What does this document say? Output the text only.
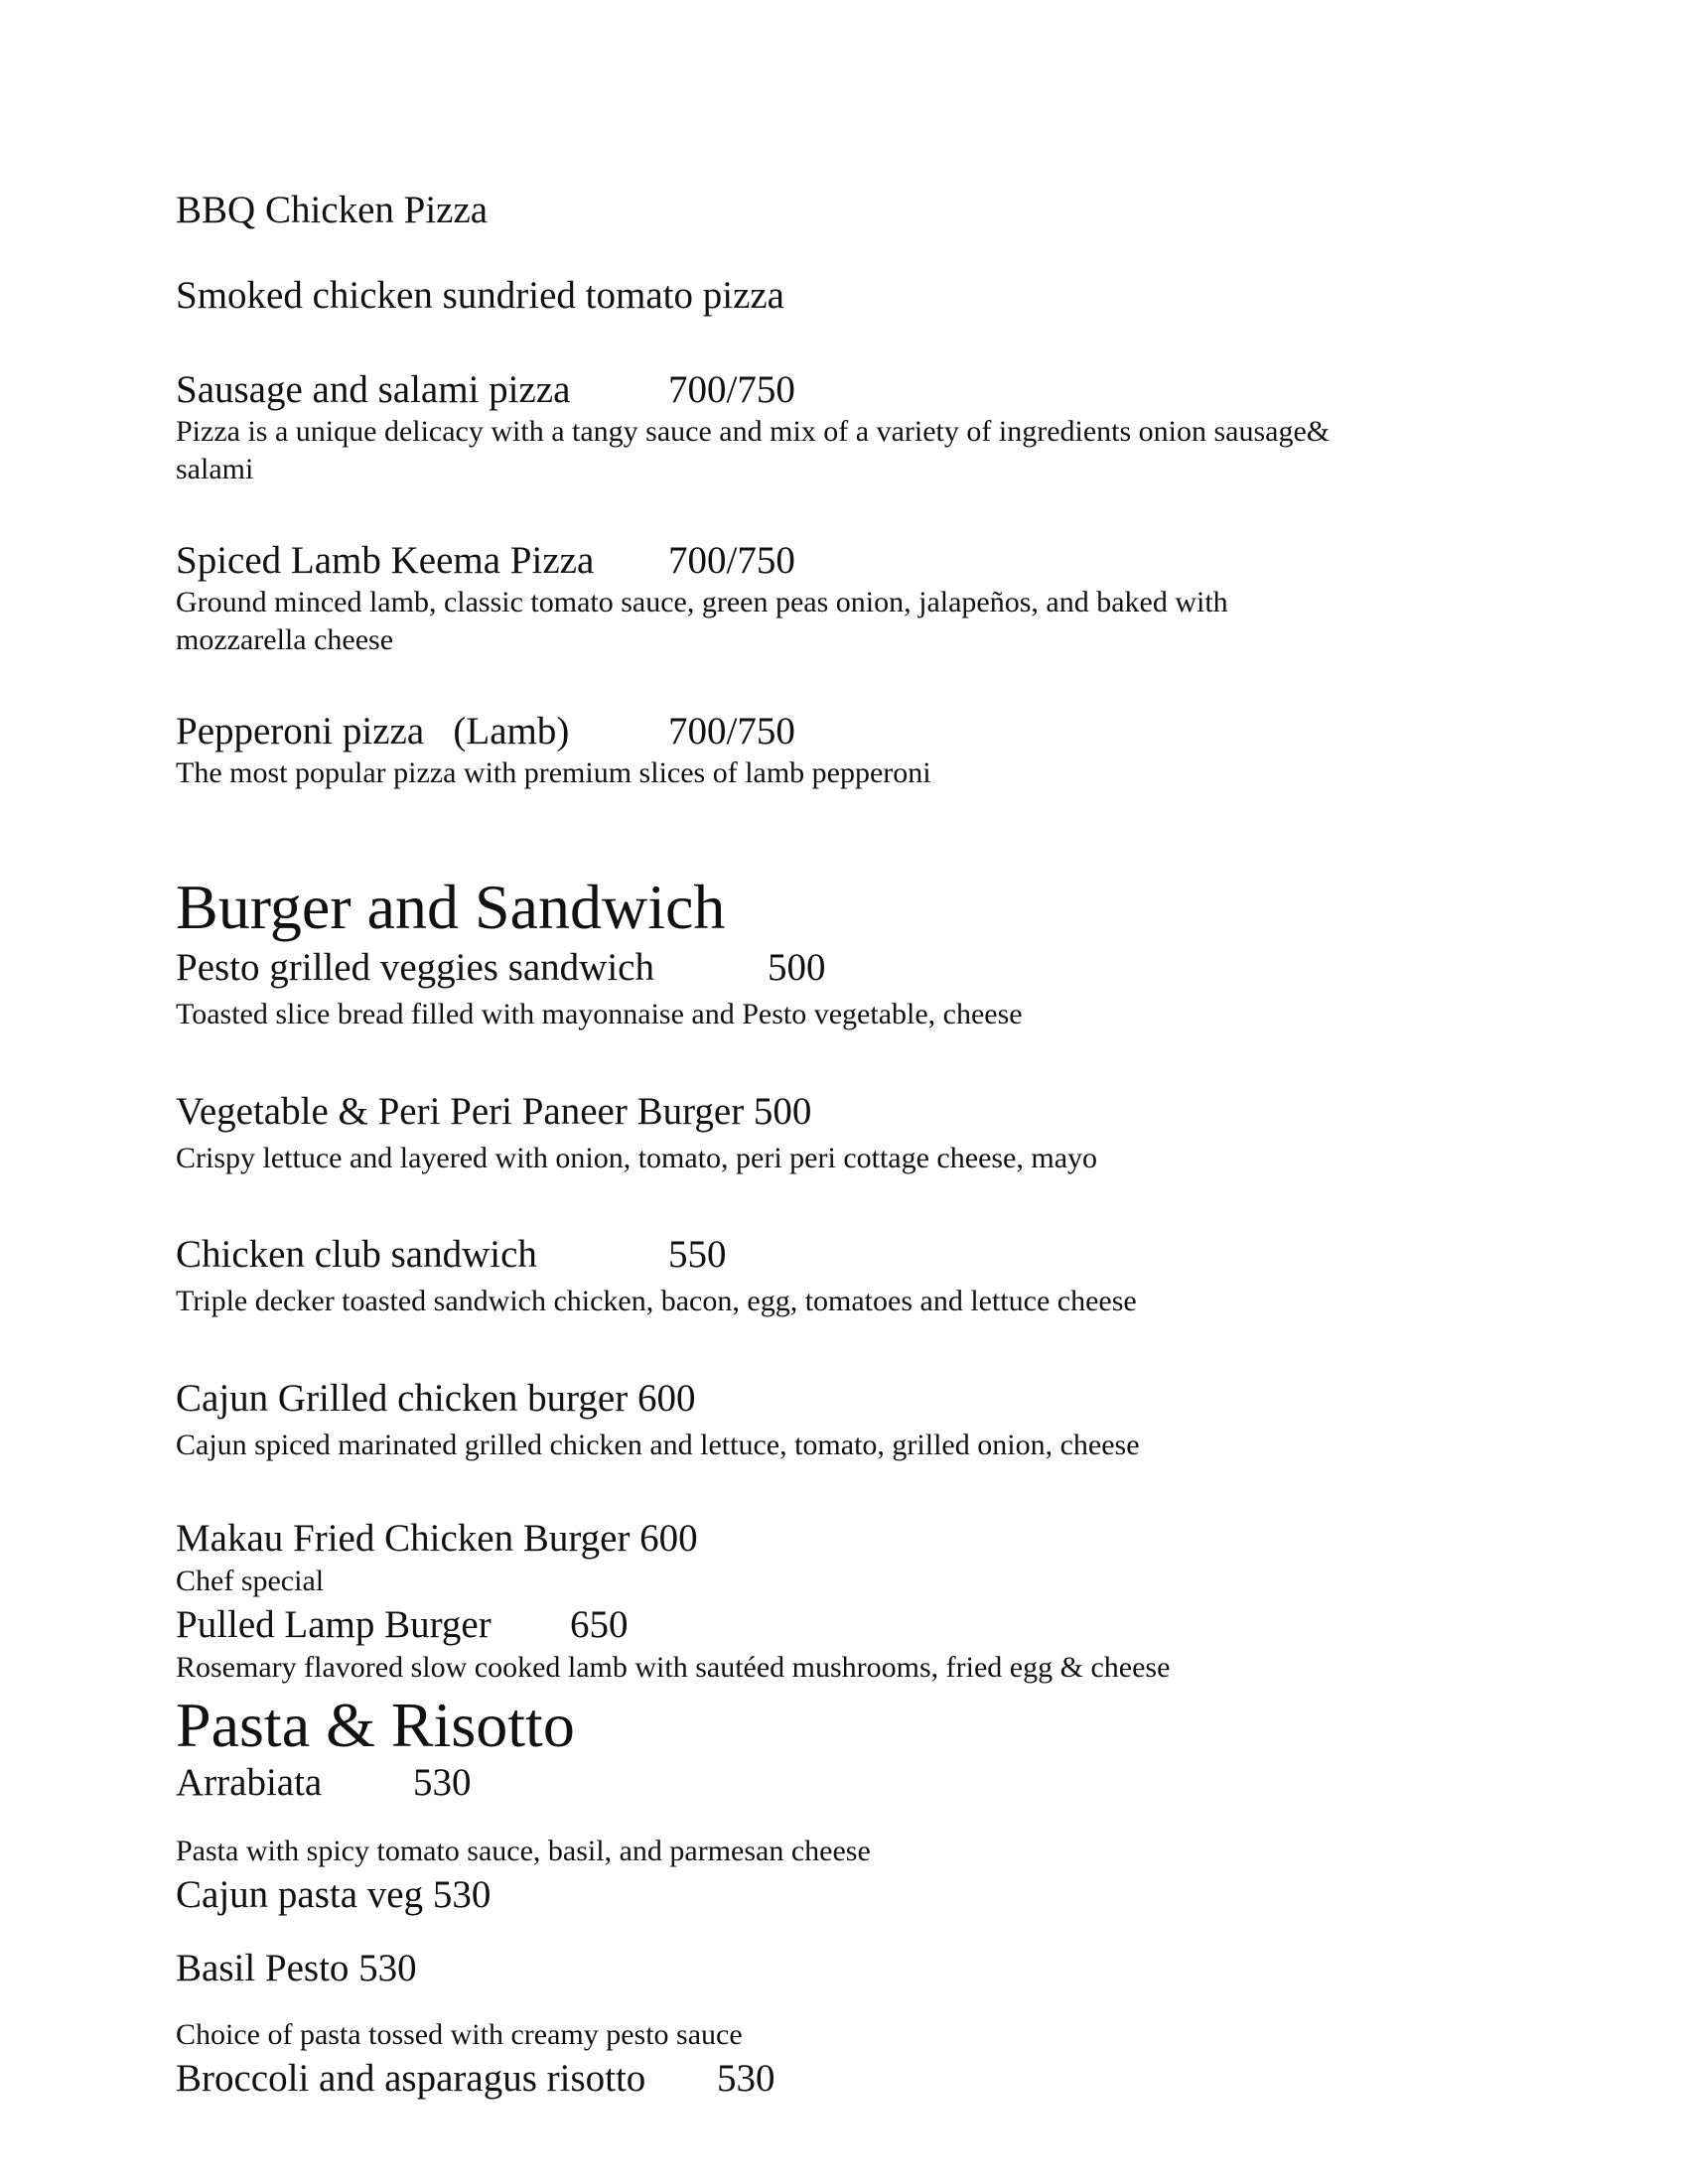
BBQ Chicken Pizza
Smoked chicken sundried tomato pizza
Sausage and salami pizza	700/750
Pizza is a unique delicacy with a tangy sauce and mix of a variety of ingredients onion sausage&
salami
Spiced Lamb Keema Pizza 700/750
Ground minced lamb, classic tomato sauce, green peas onion, jalapeños, and baked with
mozzarella cheese
Pepperoni pizza   (Lamb)	700/750
The most popular pizza with premium slices of lamb pepperoni
Burger and Sandwich
Pesto grilled veggies sandwich	500
Toasted slice bread filled with mayonnaise and Pesto vegetable, cheese
Vegetable & Peri Peri Paneer Burger 500
Crispy lettuce and layered with onion, tomato, peri peri cottage cheese, mayo
Chicken club sandwich	550
Triple decker toasted sandwich chicken, bacon, egg, tomatoes and lettuce cheese
Cajun Grilled chicken burger 600
Cajun spiced marinated grilled chicken and lettuce, tomato, grilled onion, cheese
Makau Fried Chicken Burger 600
Chef special
Pulled Lamp Burger 650
Rosemary flavored slow cooked lamb with sautéed mushrooms, fried egg & cheese
Pasta & Risotto
Arrabiata 530
Pasta with spicy tomato sauce, basil, and parmesan cheese
Cajun pasta veg 530
Basil Pesto 530
Choice of pasta tossed with creamy pesto sauce
Broccoli and asparagus risotto 530
